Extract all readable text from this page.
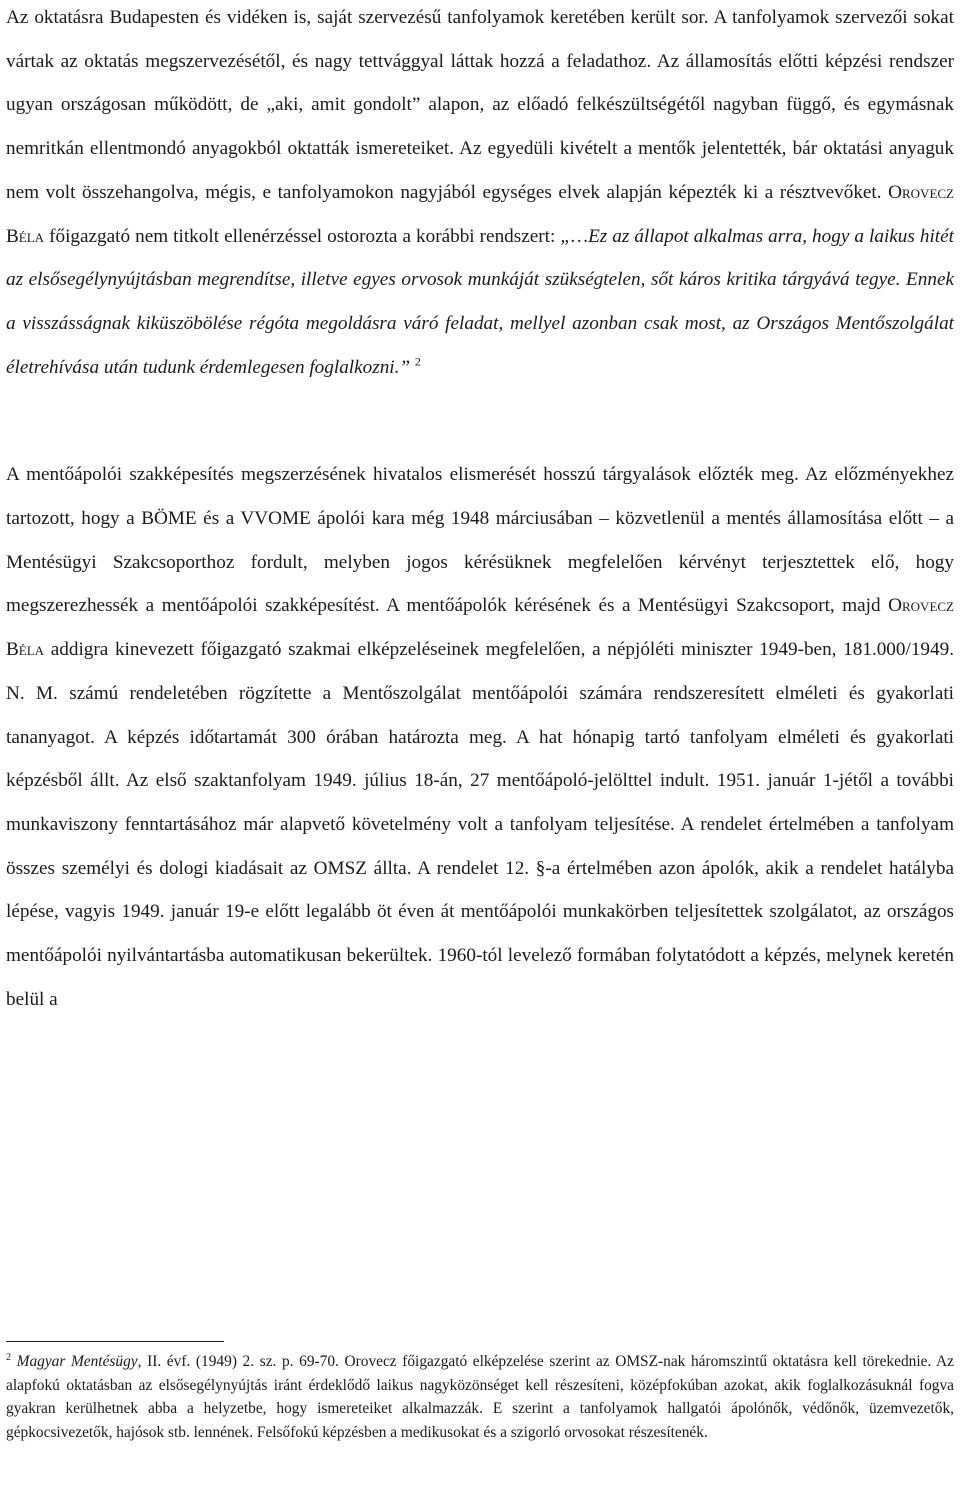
Az oktatásra Budapesten és vidéken is, saját szervezésű tanfolyamok keretében került sor. A tanfolyamok szervezői sokat vártak az oktatás megszervezésétől, és nagy tettvággyal láttak hozzá a feladathoz. Az államosítás előtti képzési rendszer ugyan országosan működött, de „aki, amit gondolt” alapon, az előadó felkészültségétől nagyban függő, és egymásnak nemritkán ellentmondó anyagokból oktatták ismereteiket. Az egyedüli kivételt a mentők jelentették, bár oktatási anyaguk nem volt összehangolva, mégis, e tanfolyamokon nagyjából egységes elvek alapján képezték ki a résztvevőket. Orovecz Béla főigazgató nem titkolt ellenérzéssel ostorozta a korábbi rendszert: „…Ez az állapot alkalmas arra, hogy a laikus hitét az elsősegélynyújtásban megrendítse, illetve egyes orvosok munkáját szükségtelen, sőt káros kritika tárgyává tegye. Ennek a visszásságnak kiküszöbölése régóta megoldásra váró feladat, mellyel azonban csak most, az Országos Mentőszolgálat életrehívása után tudunk érdemlegesen foglalkozni.” $^2$

A mentőápolói szakképesítés megszerzésének hivatalos elismerését hosszú tárgyalások előzték meg. Az előzményekhez tartozott, hogy a BÖME és a VVOME ápolói kara még 1948 márciusában – közvetlenül a mentés államosítása előtt – a Mentésügyi Szakcsoporthoz fordult, melyben jogos kérésüknek megfelelően kérvényt terjesztettek elő, hogy megszerezhessék a mentőápolói szakképesítést. A mentőápolók kérésének és a Mentésügyi Szakcsoport, majd Orovecz Béla addigra kinevezett főigazgató szakmai elképzeléseinek megfelelően, a népjóléti miniszter 1949-ben, 181.000/1949. N. M. számú rendeletében rögzítette a Mentőszolgálat mentőápolói számára rendszeresített elméleti és gyakorlati tananyagot. A képzés időtartamát 300 órában határozta meg. A hat hónapig tartó tanfolyam elméleti és gyakorlati képzésből állt. Az első szaktanfolyam 1949. július 18-án, 27 mentőápoló-jelölttel indult. 1951. január 1-jétől a további munkaviszony fenntartásához már alapvető követelmény volt a tanfolyam teljesítése. A rendelet értelmében a tanfolyam összes személyi és dologi kiadásait az OMSZ állta. A rendelet 12. §-a értelmében azon ápolók, akik a rendelet hatályba lépése, vagyis 1949. január 19-e előtt legalább öt éven át mentőápolói munkakörben teljesítettek szolgálatot, az országos mentőápolói nyilvántartásba automatikusan bekerültek. 1960-tól levelező formában folytatódott a képzés, melynek keretén belül a

$^2$ Magyar Mentésügy, II. évf. (1949) 2. sz. p. 69-70. Orovecz főigazgató elképzelése szerint az OMSZ-nak háromszintű oktatásra kell törekednie. Az alapfokú oktatásban az elsősegélynyújtás iránt érdeklődő laikus nagyközönséget kell részesíteni, középfokúban azokat, akik foglalkozásuknál fogva gyakran kerülhetnek abba a helyzetbe, hogy ismereteiket alkalmazzák. E szerint a tanfolyamok hallgatói ápolónők, védőnők, üzemvezetők, gépkocsivezetők, hajósok stb. lennének. Felsőfokú képzésben a medikusokat és a szigorló orvosokat részesítenék.
